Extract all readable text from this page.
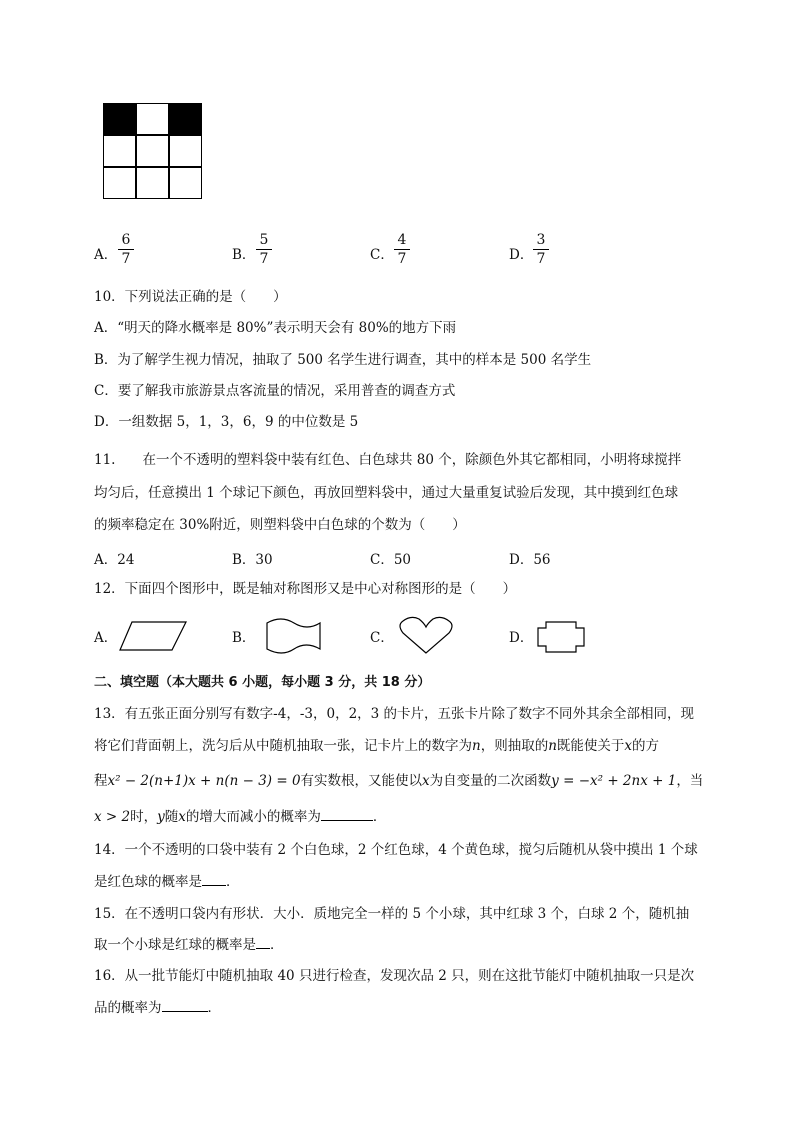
A．
6
7	B．
5
7	C．
4
7	D．
3
7
10．下列说法正确的是（　　）
A．“明天的降水概率是 80%”表示明天会有 80%的地方下雨
B．为了解学生视力情况，抽取了 500 名学生进行调查，其中的样本是 500 名学生
C．要了解我市旅游景点客流量的情况，采用普查的调查方式
D．一组数据 5，1，3，6，9 的中位数是 5
11.　　在一个不透明的塑料袋中装有红色、白色球共 80 个，除颜色外其它都相同，小明将球搅拌
均匀后，任意摸出 1 个球记下颜色，再放回塑料袋中，通过大量重复试验后发现，其中摸到红色球
的频率稳定在 30%附近，则塑料袋中白色球的个数为（　　）
A．24	B．30	C．50	D．56
12．下面四个图形中，既是轴对称图形又是中心对称图形的是（　　）
A．	B．	C．	D．
二、填空题（本大题共 6 小题，每小题 3 分，共 18 分）
13．有五张正面分别写有数字-4，-3，0，2，3 的卡片，五张卡片除了数字不同外其余全部相同，现
将它们背面朝上，洗匀后从中随机抽取一张，记卡片上的数字为n，则抽取的n既能使关于x的方
程x² − 2(n+1)x + n(n − 3) = 0有实数根，又能使以x为自变量的二次函数y = −x² + 2nx + 1，当
x > 2时，y随x的增大而减小的概率为	．
14．一个不透明的口袋中装有 2 个白色球，2 个红色球，4 个黄色球，搅匀后随机从袋中摸出 1 个球
是红色球的概率是 ．
15．在不透明口袋内有形状．大小．质地完全一样的 5 个小球，其中红球 3 个，白球 2 个，随机抽
取一个小球是红球的概率是 ．
16．从一批节能灯中随机抽取 40 只进行检查，发现次品 2 只，则在这批节能灯中随机抽取一只是次
品的概率为	．
